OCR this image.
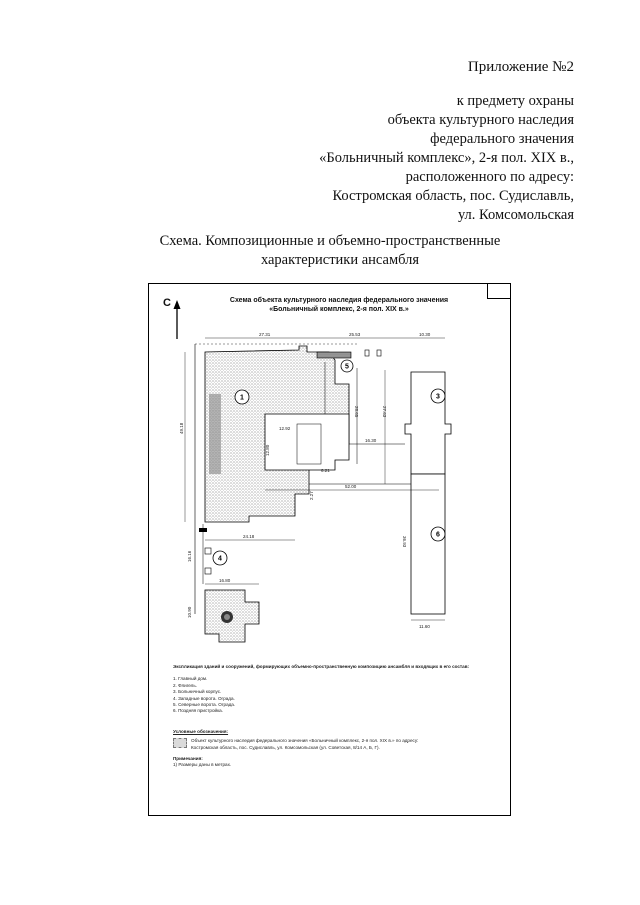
Приложение №2
к предмету охраны
объекта культурного наследия
федерального значения
«Больничный комплекс», 2-я пол. XIX в.,
расположенного по адресу:
Костромская область, пос. Судиславль,
ул. Комсомольская
Схема. Композиционные и объемно-пространственные
характеристики ансамбля
27.31	25.53	10.30
49.18
28.65	27.63
12.92
12.80
16.30
6.21
52.00
2.27
24.18	36.93
11.60
16.16
10.90
16.80
1	3
4
5
6
С	Схема объекта культурного наследия федерального значения
«Больничный комплекс, 2-я пол. XIX в.»
Экспликация зданий и сооружений, формирующих объемно-пространственную композицию ансамбля и входящих в его состав:
1. Главный дом.
2. Флигель.
3. Больничный корпус.
4. Западные ворота. Ограда.
5. Северные ворота. Ограда.
6. Поздняя пристройка.
Условные обозначения:
Объект культурного наследия федерального значения «Больничный комплекс, 2-я пол. XIX в.» по адресу:
Костромская область, пос. Судиславль, ул. Комсомольская (ул. Советская, 8/14 А, Б, Г).
Примечания:
1) Размеры даны в метрах.
